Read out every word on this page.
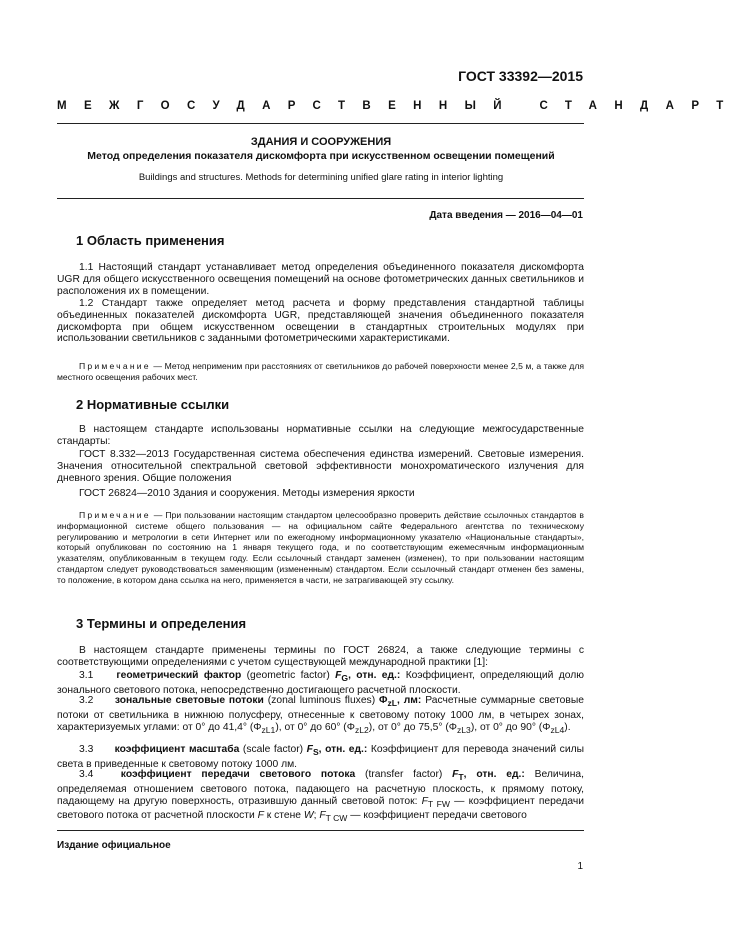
ГОСТ 33392—2015
МЕЖГОСУДАРСТВЕННЫЙ СТАНДАРТ
ЗДАНИЯ И СООРУЖЕНИЯ
Метод определения показателя дискомфорта при искусственном освещении помещений
Buildings and structures. Methods for determining unified glare rating in interior lighting
Дата введения — 2016—04—01
1 Область применения
1.1 Настоящий стандарт устанавливает метод определения объединенного показателя дискомфорта UGR для общего искусственного освещения помещений на основе фотометрических данных светильников и расположения их в помещении.
1.2 Стандарт также определяет метод расчета и форму представления стандартной таблицы объединенных показателей дискомфорта UGR, представляющей значения объединенного показателя дискомфорта при общем искусственном освещении в стандартных строительных модулях при использовании светильников с заданными фотометрическими характеристиками.
Примечание — Метод неприменим при расстояниях от светильников до рабочей поверхности менее 2,5 м, а также для местного освещения рабочих мест.
2 Нормативные ссылки
В настоящем стандарте использованы нормативные ссылки на следующие межгосударственные стандарты:
ГОСТ 8.332—2013 Государственная система обеспечения единства измерений. Световые измерения. Значения относительной спектральной световой эффективности монохроматического излучения для дневного зрения. Общие положения
ГОСТ 26824—2010 Здания и сооружения. Методы измерения яркости
Примечание — При пользовании настоящим стандартом целесообразно проверить действие ссылочных стандартов в информационной системе общего пользования — на официальном сайте Федерального агентства по техническому регулированию и метрологии в сети Интернет или по ежегодному информационному указателю «Национальные стандарты», который опубликован по состоянию на 1 января текущего года, и по соответствующим ежемесячным информационным указателям, опубликованным в текущем году. Если ссылочный стандарт заменен (изменен), то при пользовании настоящим стандартом следует руководствоваться заменяющим (измененным) стандартом. Если ссылочный стандарт отменен без замены, то положение, в котором дана ссылка на него, применяется в части, не затрагивающей эту ссылку.
3 Термины и определения
В настоящем стандарте применены термины по ГОСТ 26824, а также следующие термины с соответствующими определениями с учетом существующей международной практики [1]:
3.1 геометрический фактор (geometric factor) $F_G$, отн. ед.: Коэффициент, определяющий долю зонального светового потока, непосредственно достигающего расчетной плоскости.
3.2 зональные световые потоки (zonal luminous fluxes) $\Phi_{zL}$, лм: Расчетные суммарные световые потоки от светильника в нижнюю полусферу, отнесенные к световому потоку 1000 лм, в четырех зонах, характеризуемых углами: от 0° до 41,4° $(\Phi_{zL1})$, от 0° до 60° $(\Phi_{zL2})$, от 0° до 75,5° $(\Phi_{zL3})$, от 0° до 90° $(\Phi_{zL4})$.
3.3 коэффициент масштаба (scale factor) $F_S$, отн. ед.: Коэффициент для перевода значений силы света в приведенные к световому потоку 1000 лм.
3.4	коэффициент передачи светового потока (transfer factor) $F_T$, отн. ед.: Величина, определяемая отношением светового потока, падающего на расчетную плоскость, к прямому потоку, падающему на другую поверхность, отразившую данный световой поток: $F_{T FW}$ — коэффициент передачи светового потока от расчетной плоскости F к стене W; $F_{T CW}$ — коэффициент передачи светового
Издание официальное
1
